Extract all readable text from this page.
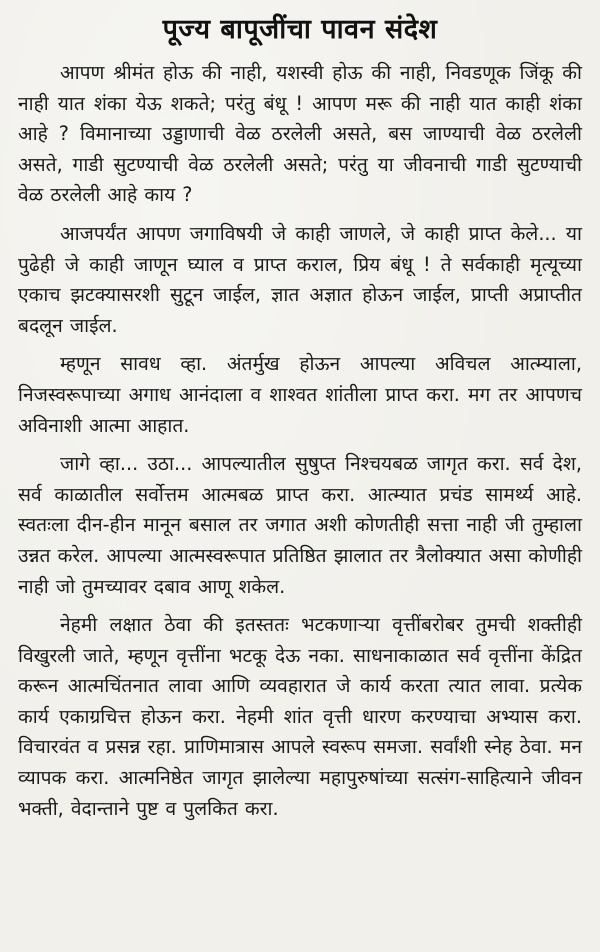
पूज्य बापूजींचा पावन संदेश

आपण श्रीमंत होऊ की नाही, यशस्वी होऊ की नाही, निवडणूक जिंकू की नाही यात शंका येऊ शकते; परंतु बंधू ! आपण मरू की नाही यात काही शंका आहे ? विमानाच्या उड्डाणाची वेळ ठरलेली असते, बस जाण्याची वेळ ठरलेली असते, गाडी सुटण्याची वेळ ठरलेली असते; परंतु या जीवनाची गाडी सुटण्याची वेळ ठरलेली आहे काय ?

आजपर्यंत आपण जगाविषयी जे काही जाणले, जे काही प्राप्त केले... या पुढेही जे काही जाणून घ्याल व प्राप्त कराल, प्रिय बंधू ! ते सर्वकाही मृत्यूच्या एकाच झटक्यासरशी सुटून जाईल, ज्ञात अज्ञात होऊन जाईल, प्राप्ती अप्राप्तीत बदलून जाईल.

म्हणून सावध व्हा. अंतर्मुख होऊन आपल्या अविचल आत्म्याला, निजस्वरूपाच्या अगाध आनंदाला व शाश्वत शांतीला प्राप्त करा. मग तर आपणच अविनाशी आत्मा आहात.

जागे व्हा... उठा... आपल्यातील सुषुप्त निश्चयबळ जागृत करा. सर्व देश, सर्व काळातील सर्वोत्तम आत्मबळ प्राप्त करा. आत्म्यात प्रचंड सामर्थ्य आहे. स्वतःला दीन-हीन मानून बसाल तर जगात अशी कोणतीही सत्ता नाही जी तुम्हाला उन्नत करेल. आपल्या आत्मस्वरूपात प्रतिष्ठित झालात तर त्रैलोक्यात असा कोणीही नाही जो तुमच्यावर दबाव आणू शकेल.

नेहमी लक्षात ठेवा की इतस्ततः भटकणाऱ्या वृत्तींबरोबर तुमची शक्तीही विखुरली जाते, म्हणून वृत्तींना भटकू देऊ नका. साधनाकाळात सर्व वृत्तींना केंद्रित करून आत्मचिंतनात लावा आणि व्यवहारात जे कार्य करता त्यात लावा. प्रत्येक कार्य एकाग्रचित्त होऊन करा. नेहमी शांत वृत्ती धारण करण्याचा अभ्यास करा. विचारवंत व प्रसन्न रहा. प्राणिमात्रास आपले स्वरूप समजा. सर्वांशी स्नेह ठेवा. मन व्यापक करा. आत्मनिष्ठेत जागृत झालेल्या महापुरुषांच्या सत्संग-साहित्याने जीवन भक्ती, वेदान्ताने पुष्ट व पुलकित करा.
